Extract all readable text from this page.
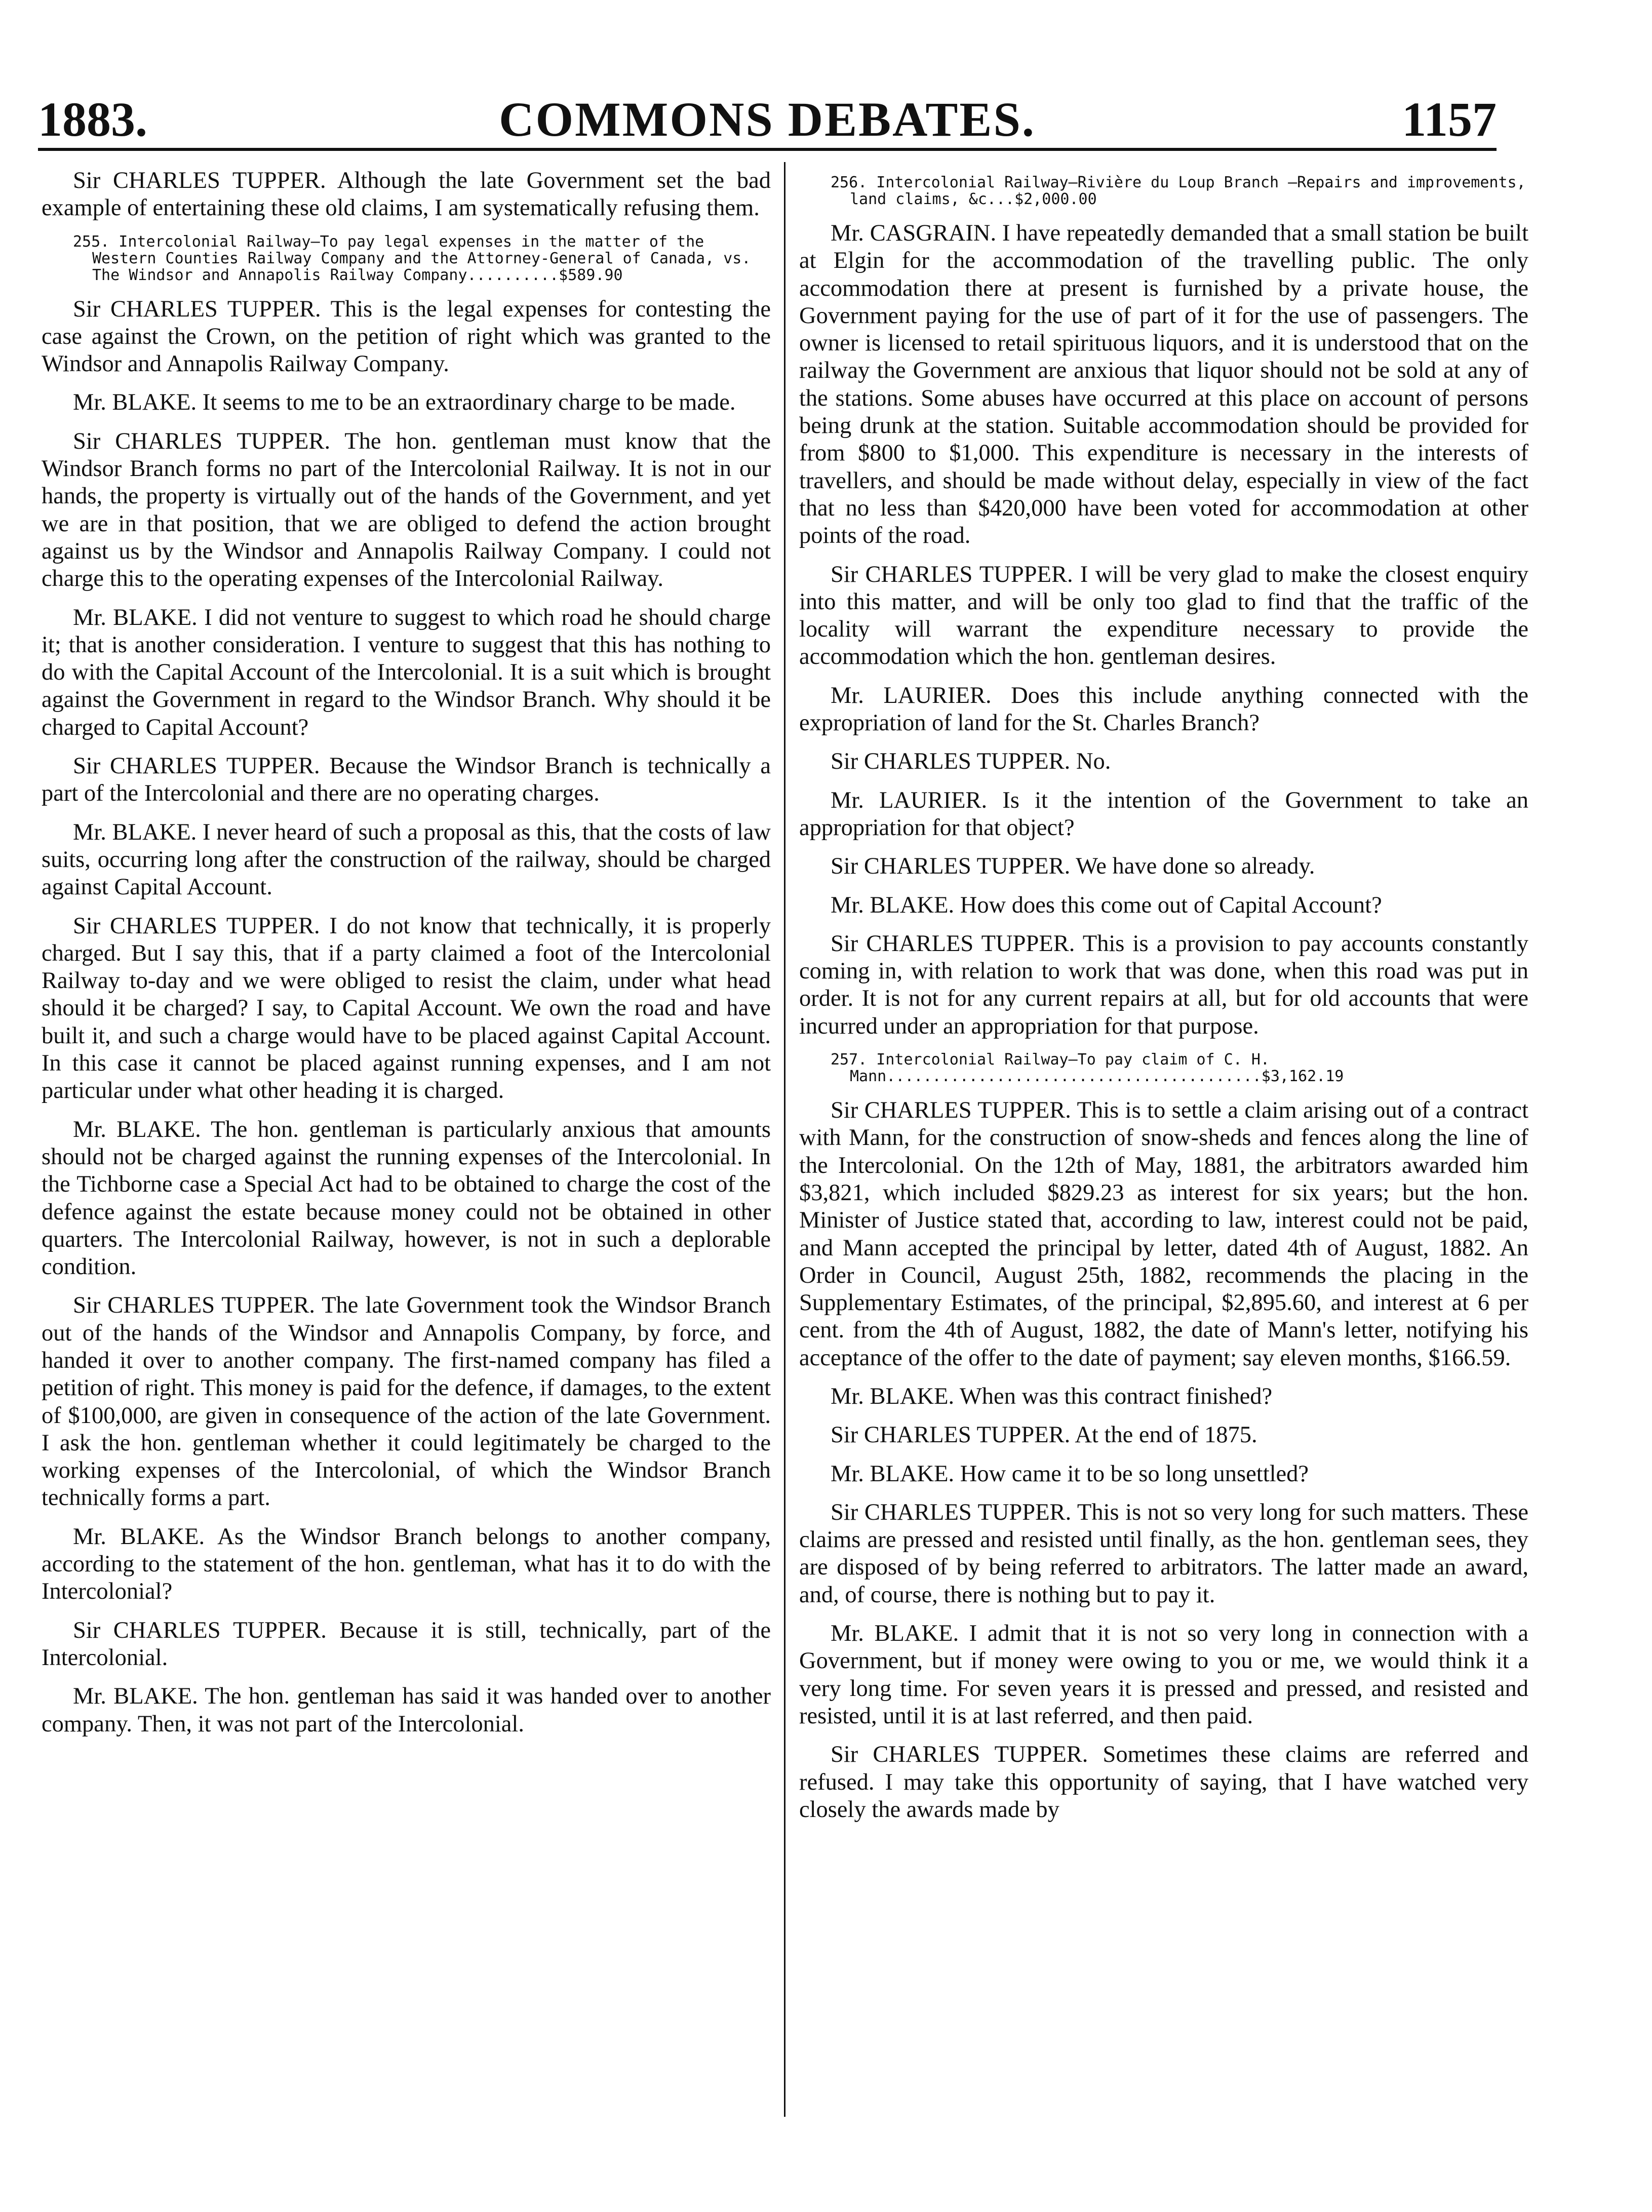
1883.	COMMONS DEBATES.	1157

Sir CHARLES TUPPER. Although the late Government set the bad example of entertaining these old claims, I am systematically refusing them.

255. Intercolonial Railway—To pay legal expenses in the matter of the Western Counties Railway Company and the Attorney-General of Canada, vs. The Windsor and Annapolis Railway Company..........$589.90

Sir CHARLES TUPPER. This is the legal expenses for contesting the case against the Crown, on the petition of right which was granted to the Windsor and Annapolis Railway Company.

Mr. BLAKE. It seems to me to be an extraordinary charge to be made.

Sir CHARLES TUPPER. The hon. gentleman must know that the Windsor Branch forms no part of the Intercolonial Railway. It is not in our hands, the property is virtually out of the hands of the Government, and yet we are in that position, that we are obliged to defend the action brought against us by the Windsor and Annapolis Railway Company. I could not charge this to the operating expenses of the Intercolonial Railway.

Mr. BLAKE. I did not venture to suggest to which road he should charge it; that is another consideration. I venture to suggest that this has nothing to do with the Capital Account of the Intercolonial. It is a suit which is brought against the Government in regard to the Windsor Branch. Why should it be charged to Capital Account?

Sir CHARLES TUPPER. Because the Windsor Branch is technically a part of the Intercolonial and there are no operating charges.

Mr. BLAKE. I never heard of such a proposal as this, that the costs of law suits, occurring long after the construction of the railway, should be charged against Capital Account.

Sir CHARLES TUPPER. I do not know that technically, it is properly charged. But I say this, that if a party claimed a foot of the Intercolonial Railway to-day and we were obliged to resist the claim, under what head should it be charged? I say, to Capital Account. We own the road and have built it, and such a charge would have to be placed against Capital Account. In this case it cannot be placed against running expenses, and I am not particular under what other heading it is charged.

Mr. BLAKE. The hon. gentleman is particularly anxious that amounts should not be charged against the running expenses of the Intercolonial. In the Tichborne case a Special Act had to be obtained to charge the cost of the defence against the estate because money could not be obtained in other quarters. The Intercolonial Railway, however, is not in such a deplorable condition.

Sir CHARLES TUPPER. The late Government took the Windsor Branch out of the hands of the Windsor and Annapolis Company, by force, and handed it over to another company. The first-named company has filed a petition of right. This money is paid for the defence, if damages, to the extent of $100,000, are given in consequence of the action of the late Government. I ask the hon. gentleman whether it could legitimately be charged to the working expenses of the Intercolonial, of which the Windsor Branch technically forms a part.

Mr. BLAKE. As the Windsor Branch belongs to another company, according to the statement of the hon. gentleman, what has it to do with the Intercolonial?

Sir CHARLES TUPPER. Because it is still, technically, part of the Intercolonial.

Mr. BLAKE. The hon. gentleman has said it was handed over to another company. Then, it was not part of the Intercolonial.

256. Intercolonial Railway—Rivière du Loup Branch —Repairs and improvements, land claims, &c...$2,000.00

Mr. CASGRAIN. I have repeatedly demanded that a small station be built at Elgin for the accommodation of the travelling public. The only accommodation there at present is furnished by a private house, the Government paying for the use of part of it for the use of passengers. The owner is licensed to retail spirituous liquors, and it is understood that on the railway the Government are anxious that liquor should not be sold at any of the stations. Some abuses have occurred at this place on account of persons being drunk at the station. Suitable accommodation should be provided for from $800 to $1,000. This expenditure is necessary in the interests of travellers, and should be made without delay, especially in view of the fact that no less than $420,000 have been voted for accommodation at other points of the road.

Sir CHARLES TUPPER. I will be very glad to make the closest enquiry into this matter, and will be only too glad to find that the traffic of the locality will warrant the expenditure necessary to provide the accommodation which the hon. gentleman desires.

Mr. LAURIER. Does this include anything connected with the expropriation of land for the St. Charles Branch?

Sir CHARLES TUPPER. No.

Mr. LAURIER. Is it the intention of the Government to take an appropriation for that object?

Sir CHARLES TUPPER. We have done so already.

Mr. BLAKE. How does this come out of Capital Account?

Sir CHARLES TUPPER. This is a provision to pay accounts constantly coming in, with relation to work that was done, when this road was put in order. It is not for any current repairs at all, but for old accounts that were incurred under an appropriation for that purpose.

257. Intercolonial Railway—To pay claim of C. H. Mann.........................................$3,162.19

Sir CHARLES TUPPER. This is to settle a claim arising out of a contract with Mann, for the construction of snow-sheds and fences along the line of the Intercolonial. On the 12th of May, 1881, the arbitrators awarded him $3,821, which included $829.23 as interest for six years; but the hon. Minister of Justice stated that, according to law, interest could not be paid, and Mann accepted the principal by letter, dated 4th of August, 1882. An Order in Council, August 25th, 1882, recommends the placing in the Supplementary Estimates, of the principal, $2,895.60, and interest at 6 per cent. from the 4th of August, 1882, the date of Mann's letter, notifying his acceptance of the offer to the date of payment; say eleven months, $166.59.

Mr. BLAKE. When was this contract finished?

Sir CHARLES TUPPER. At the end of 1875.

Mr. BLAKE. How came it to be so long unsettled?

Sir CHARLES TUPPER. This is not so very long for such matters. These claims are pressed and resisted until finally, as the hon. gentleman sees, they are disposed of by being referred to arbitrators. The latter made an award, and, of course, there is nothing but to pay it.

Mr. BLAKE. I admit that it is not so very long in connection with a Government, but if money were owing to you or me, we would think it a very long time. For seven years it is pressed and pressed, and resisted and resisted, until it is at last referred, and then paid.

Sir CHARLES TUPPER. Sometimes these claims are referred and refused. I may take this opportunity of saying, that I have watched very closely the awards made by
